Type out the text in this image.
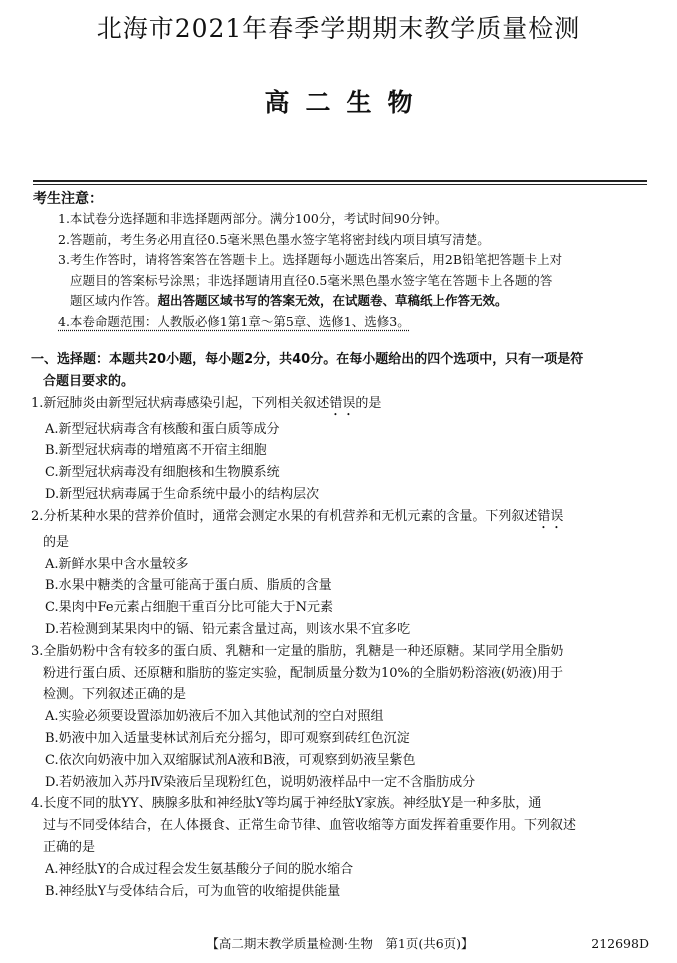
北海市2021年春季学期期末教学质量检测
高二生物
考生注意：
1.本试卷分选择题和非选择题两部分。满分100分，考试时间90分钟。
2.答题前，考生务必用直径0.5毫米黑色墨水签字笔将密封线内项目填写清楚。
3.考生作答时，请将答案答在答题卡上。选择题每小题选出答案后，用2B铅笔把答题卡上对
应题目的答案标号涂黑；非选择题请用直径0.5毫米黑色墨水签字笔在答题卡上各题的答
题区域内作答。超出答题区域书写的答案无效，在试题卷、草稿纸上作答无效。
4.本卷命题范围：人教版必修1第1章～第5章、选修1、选修3。
一、选择题：本题共20小题，每小题2分，共40分。在每小题给出的四个选项中，只有一项是符
合题目要求的。
1.新冠肺炎由新型冠状病毒感染引起，下列相关叙述错误的是
A.新型冠状病毒含有核酸和蛋白质等成分
B.新型冠状病毒的增殖离不开宿主细胞
C.新型冠状病毒没有细胞核和生物膜系统
D.新型冠状病毒属于生命系统中最小的结构层次
2.分析某种水果的营养价值时，通常会测定水果的有机营养和无机元素的含量。下列叙述错误
的是
A.新鲜水果中含水量较多
B.水果中糖类的含量可能高于蛋白质、脂质的含量
C.果肉中Fe元素占细胞干重百分比可能大于N元素
D.若检测到某果肉中的镉、铅元素含量过高，则该水果不宜多吃
3.全脂奶粉中含有较多的蛋白质、乳糖和一定量的脂肪，乳糖是一种还原糖。某同学用全脂奶
粉进行蛋白质、还原糖和脂肪的鉴定实验，配制质量分数为10%的全脂奶粉溶液(奶液)用于
检测。下列叙述正确的是
A.实验必须要设置添加奶液后不加入其他试剂的空白对照组
B.奶液中加入适量斐林试剂后充分摇匀，即可观察到砖红色沉淀
C.依次向奶液中加入双缩脲试剂A液和B液，可观察到奶液呈紫色
D.若奶液加入苏丹Ⅳ染液后呈现粉红色，说明奶液样品中一定不含脂肪成分
4.长度不同的肽YY、胰腺多肽和神经肽Y等均属于神经肽Y家族。神经肽Y是一种多肽，通
过与不同受体结合，在人体摄食、正常生命节律、血管收缩等方面发挥着重要作用。下列叙述
正确的是
A.神经肽Y的合成过程会发生氨基酸分子间的脱水缩合
B.神经肽Y与受体结合后，可为血管的收缩提供能量
【高二期末教学质量检测·生物　第1页(共6页)】	212698D
